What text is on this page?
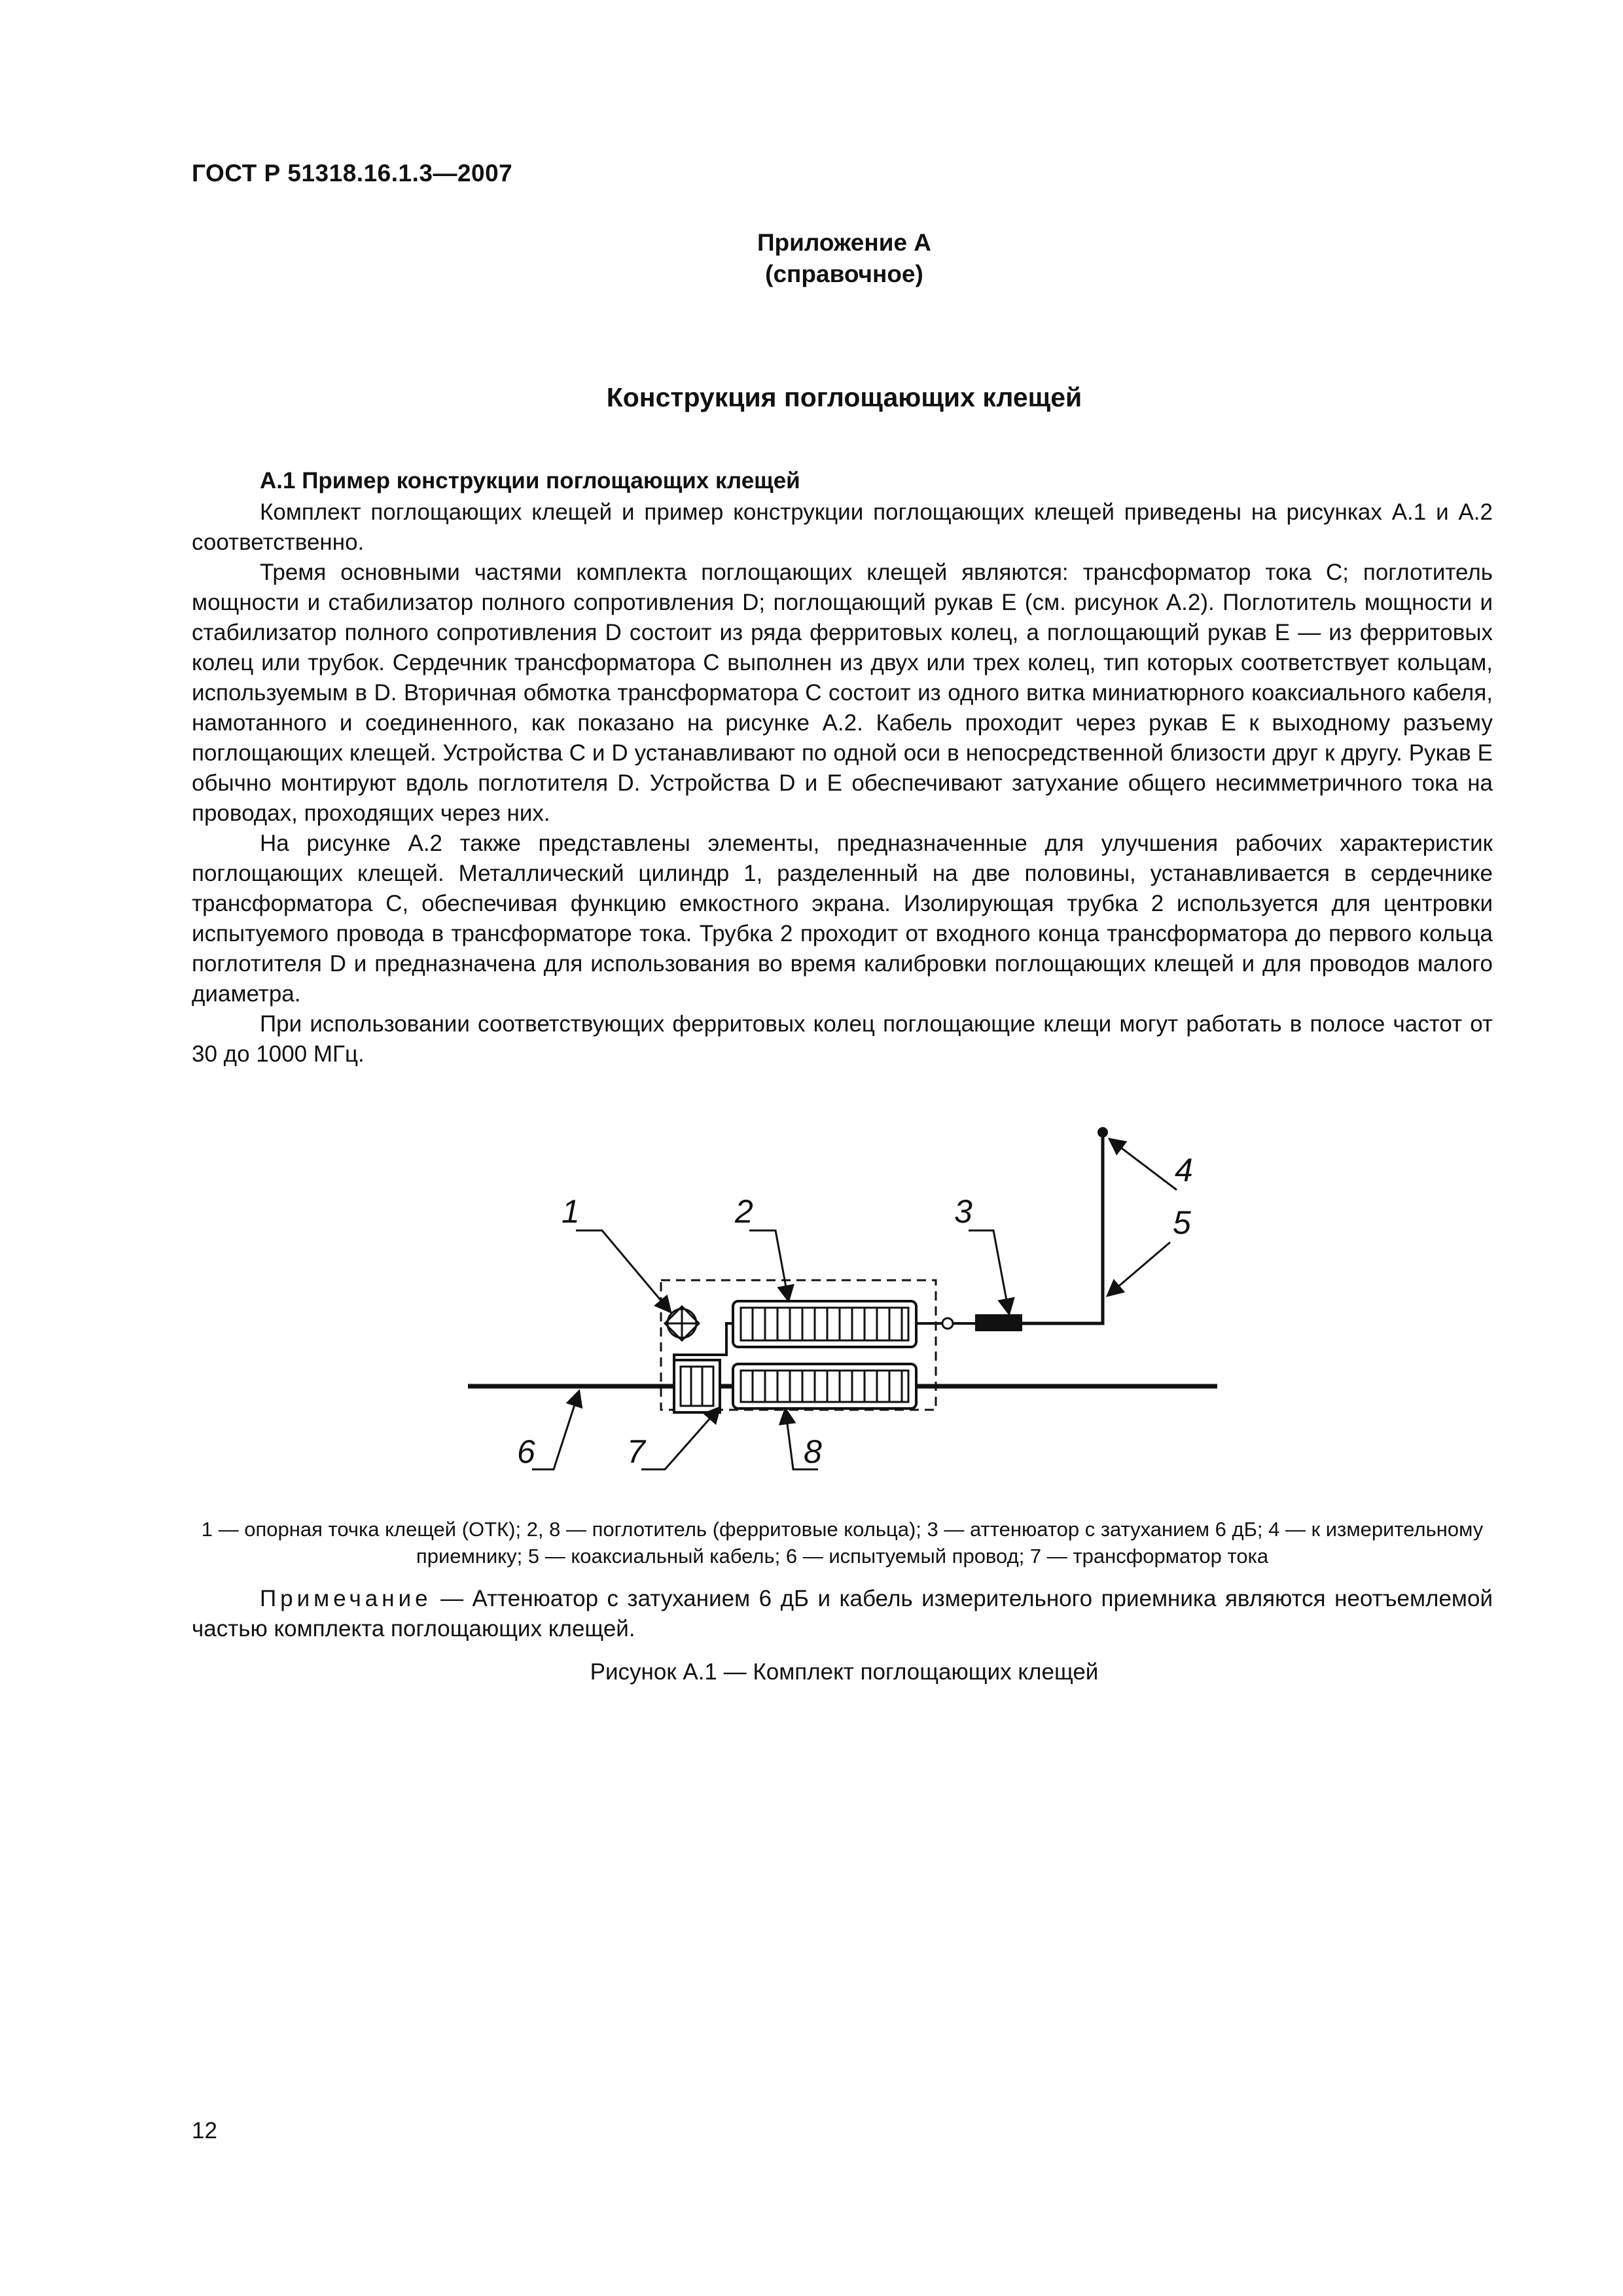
ГОСТ Р 51318.16.1.3—2007
Приложение А
(справочное)
Конструкция поглощающих клещей
А.1 Пример конструкции поглощающих клещей

Комплект поглощающих клещей и пример конструкции поглощающих клещей приведены на рисунках А.1 и А.2 соответственно.

Тремя основными частями комплекта поглощающих клещей являются: трансформатор тока C; поглотитель мощности и стабилизатор полного сопротивления D; поглощающий рукав E (см. рисунок А.2). Поглотитель мощности и стабилизатор полного сопротивления D состоит из ряда ферритовых колец, а поглощающий рукав E — из ферритовых колец или трубок. Сердечник трансформатора C выполнен из двух или трех колец, тип которых соответствует кольцам, используемым в D. Вторичная обмотка трансформатора C состоит из одного витка миниатюрного коаксиального кабеля, намотанного и соединенного, как показано на рисунке А.2. Кабель проходит через рукав E к выходному разъему поглощающих клещей. Устройства C и D устанавливают по одной оси в непосредственной близости друг к другу. Рукав E обычно монтируют вдоль поглотителя D. Устройства D и E обеспечивают затухание общего несимметричного тока на проводах, проходящих через них.

На рисунке А.2 также представлены элементы, предназначенные для улучшения рабочих характеристик поглощающих клещей. Металлический цилиндр 1, разделенный на две половины, устанавливается в сердечнике трансформатора C, обеспечивая функцию емкостного экрана. Изолирующая трубка 2 используется для центровки испытуемого провода в трансформаторе тока. Трубка 2 проходит от входного конца трансформатора до первого кольца поглотителя D и предназначена для использования во время калибровки поглощающих клещей и для проводов малого диаметра.

При использовании соответствующих ферритовых колец поглощающие клещи могут работать в полосе частот от 30 до 1000 МГц.

1	2	3
4
5
6	7	8
1 — опорная точка клещей (ОТК); 2, 8 — поглотитель (ферритовые кольца); 3 — аттенюатор с затуханием 6 дБ; 4 — к измерительному приемнику; 5 — коаксиальный кабель; 6 — испытуемый провод; 7 — трансформатор тока

Примечание — Аттенюатор с затуханием 6 дБ и кабель измерительного приемника являются неотъемлемой частью комплекта поглощающих клещей.

Рисунок А.1 — Комплект поглощающих клещей
12
